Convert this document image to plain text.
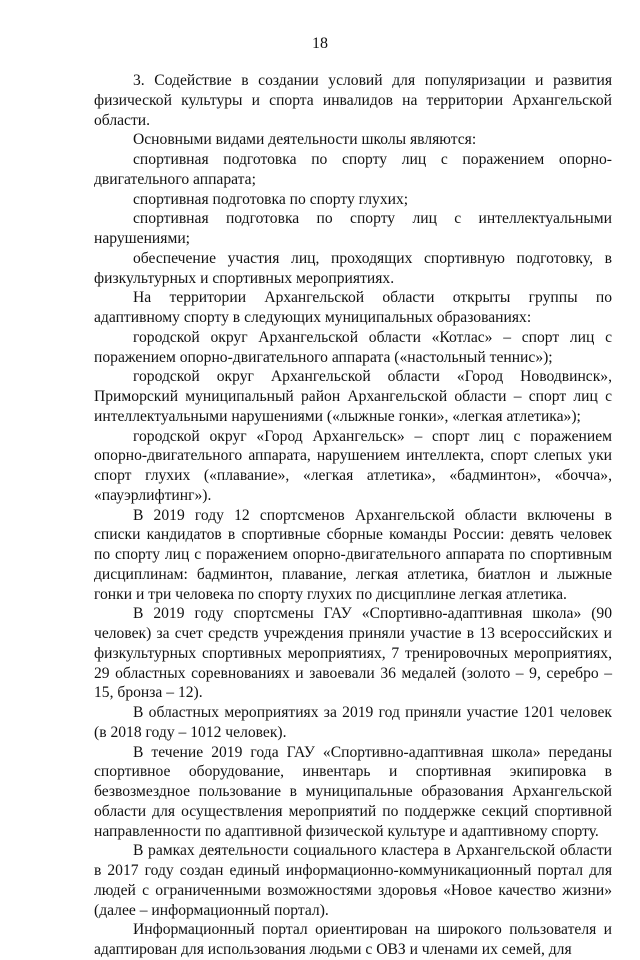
18

3. Содействие в создании условий для популяризации и развития физической культуры и спорта инвалидов на территории Архангельской области.

Основными видами деятельности школы являются:

спортивная подготовка по спорту лиц с поражением опорно-двигательного аппарата;

спортивная подготовка по спорту глухих;

спортивная подготовка по спорту лиц с интеллектуальными нарушениями;

обеспечение участия лиц, проходящих спортивную подготовку, в физкультурных и спортивных мероприятиях.

На территории Архангельской области открыты группы по адаптивному спорту в следующих муниципальных образованиях:

городской округ Архангельской области «Котлас» – спорт лиц с поражением опорно-двигательного аппарата («настольный теннис»);

городской округ Архангельской области «Город Новодвинск», Приморский муниципальный район Архангельской области – спорт лиц с интеллектуальными нарушениями («лыжные гонки», «легкая атлетика»);

городской округ «Город Архангельск» – спорт лиц с поражением опорно-двигательного аппарата, нарушением интеллекта, спорт слепых уки спорт глухих («плавание», «легкая атлетика», «бадминтон», «бочча», «пауэрлифтинг»).

В 2019 году 12 спортсменов Архангельской области включены в списки кандидатов в спортивные сборные команды России: девять человек по спорту лиц с поражением опорно-двигательного аппарата по спортивным дисциплинам: бадминтон, плавание, легкая атлетика, биатлон и лыжные гонки и три человека по спорту глухих по дисциплине легкая атлетика.

В 2019 году спортсмены ГАУ «Спортивно-адаптивная школа» (90 человек) за счет средств учреждения приняли участие в 13 всероссийских и физкультурных спортивных мероприятиях, 7 тренировочных мероприятиях, 29 областных соревнованиях и завоевали 36 медалей (золото – 9, серебро – 15, бронза – 12).

В областных мероприятиях за 2019 год приняли участие 1201 человек (в 2018 году – 1012 человек).

В течение 2019 года ГАУ «Спортивно-адаптивная школа» переданы спортивное оборудование, инвентарь и спортивная экипировка в безвозмездное пользование в муниципальные образования Архангельской области для осуществления мероприятий по поддержке секций спортивной направленности по адаптивной физической культуре и адаптивному спорту.

В рамках деятельности социального кластера в Архангельской области в 2017 году создан единый информационно-коммуникационный портал для людей с ограниченными возможностями здоровья «Новое качество жизни» (далее – информационный портал).

Информационный портал ориентирован на широкого пользователя и адаптирован для использования людьми с ОВЗ и членами их семей, для
